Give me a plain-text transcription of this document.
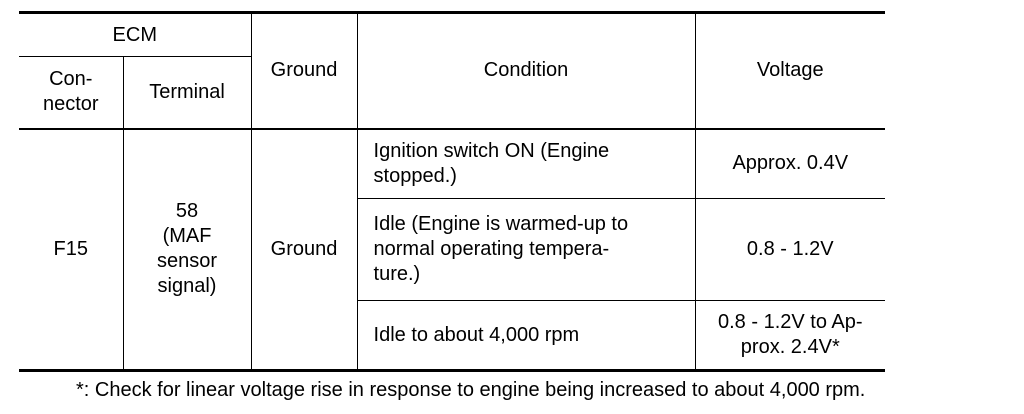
ECM		Ground	Condition	Voltage

Con-
nector	Terminal			
F15	58
(MAF
sensor
signal)	Ground	Ignition switch ON (Engine
stopped.)	Approx. 0.4V

			Idle (Engine is warmed-up to
normal operating tempera-
ture.)	0.8 - 1.2V

			Idle to about 4,000 rpm	0.8 - 1.2V to Ap-
prox. 2.4V*
*: Check for linear voltage rise in response to engine being increased to about 4,000 rpm.
